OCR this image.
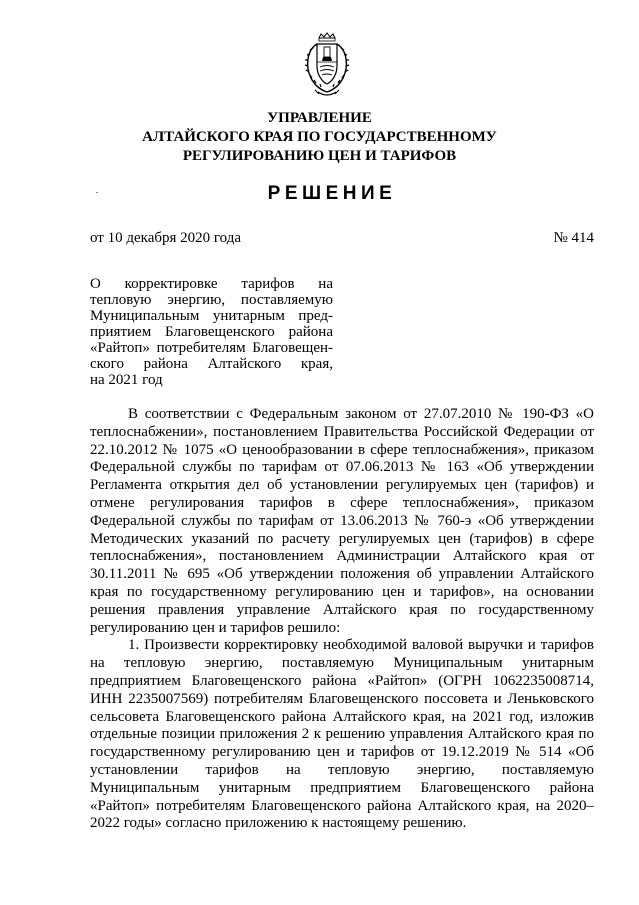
УПРАВЛЕНИЕ
АЛТАЙСКОГО КРАЯ ПО ГОСУДАРСТВЕННОМУ
РЕГУЛИРОВАНИЮ ЦЕН И ТАРИФОВ
РЕШЕНИЕ
от 10 декабря 2020 года	№ 414
О корректировке тарифов на
тепловую энергию, поставляемую
Муниципальным унитарным пред-
приятием Благовещенского района
«Райтоп» потребителям Благовещен-
ского района Алтайского края,
на 2021 год
В соответствии с Федеральным законом от 27.07.2010 № 190-ФЗ «О
теплоснабжении», постановлением Правительства Российской Федерации от
22.10.2012 № 1075 «О ценообразовании в сфере теплоснабжения», приказом
Федеральной службы по тарифам от 07.06.2013 № 163 «Об утверждении
Регламента открытия дел об установлении регулируемых цен (тарифов) и
отмене регулирования тарифов в сфере теплоснабжения», приказом
Федеральной службы по тарифам от 13.06.2013 № 760-э «Об утверждении
Методических указаний по расчету регулируемых цен (тарифов) в сфере
теплоснабжения», постановлением Администрации Алтайского края от
30.11.2011 № 695 «Об утверждении положения об управлении Алтайского
края по государственному регулированию цен и тарифов», на основании
решения правления управление Алтайского края по государственному
регулированию цен и тарифов решило:
1. Произвести корректировку необходимой валовой выручки и тарифов
на тепловую энергию, поставляемую Муниципальным унитарным
предприятием Благовещенского района «Райтоп» (ОГРН 1062235008714,
ИНН 2235007569) потребителям Благовещенского поссовета и Леньковского
сельсовета Благовещенского района Алтайского края, на 2021 год, изложив
отдельные позиции приложения 2 к решению управления Алтайского края по
государственному регулированию цен и тарифов от 19.12.2019 № 514 «Об
установлении тарифов на тепловую энергию, поставляемую
Муниципальным унитарным предприятием Благовещенского района
«Райтоп» потребителям Благовещенского района Алтайского края, на 2020–
2022 годы» согласно приложению к настоящему решению.
